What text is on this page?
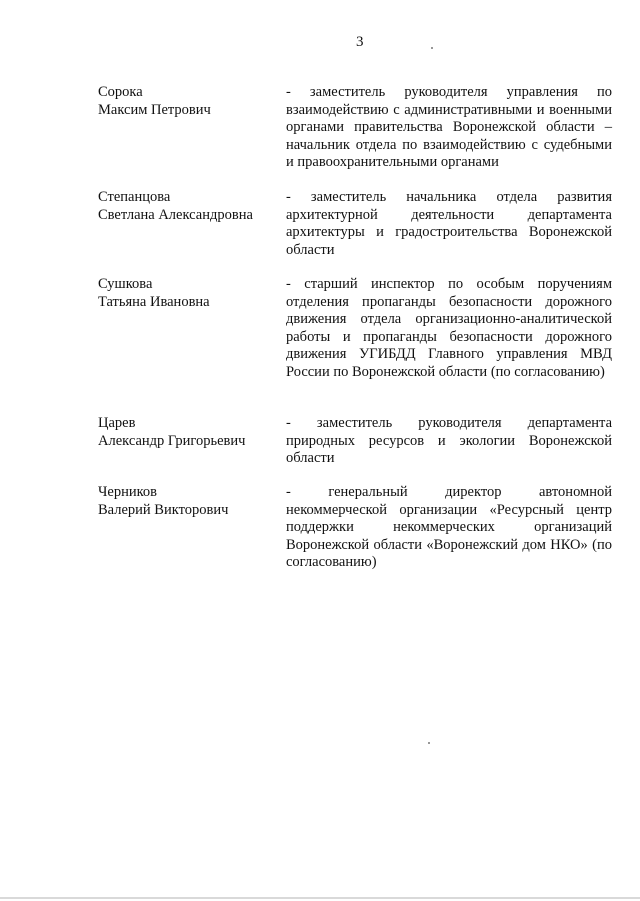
3
Сорока
Максим Петрович
- заместитель руководителя управления по взаимодействию с административными и военными органами правительства Воронежской области – начальник отдела по взаимодействию с судебными и правоохранительными органами
Степанцова
Светлана Александровна
- заместитель начальника отдела развития архитектурной деятельности департамента архитектуры и градостроительства Воронежской области
Сушкова
Татьяна Ивановна
- старший инспектор по особым поручениям отделения пропаганды безопасности дорожного движения отдела организационно-аналитической работы и пропаганды безопасности дорожного движения УГИБДД Главного управления МВД России по Воронежской области (по согласованию)
Царев
Александр Григорьевич
- заместитель руководителя департамента природных ресурсов и экологии Воронежской области
Черников
Валерий Викторович
- генеральный директор автономной некоммерческой организации «Ресурсный центр поддержки некоммерческих организаций Воронежской области «Воронежский дом НКО» (по согласованию)
